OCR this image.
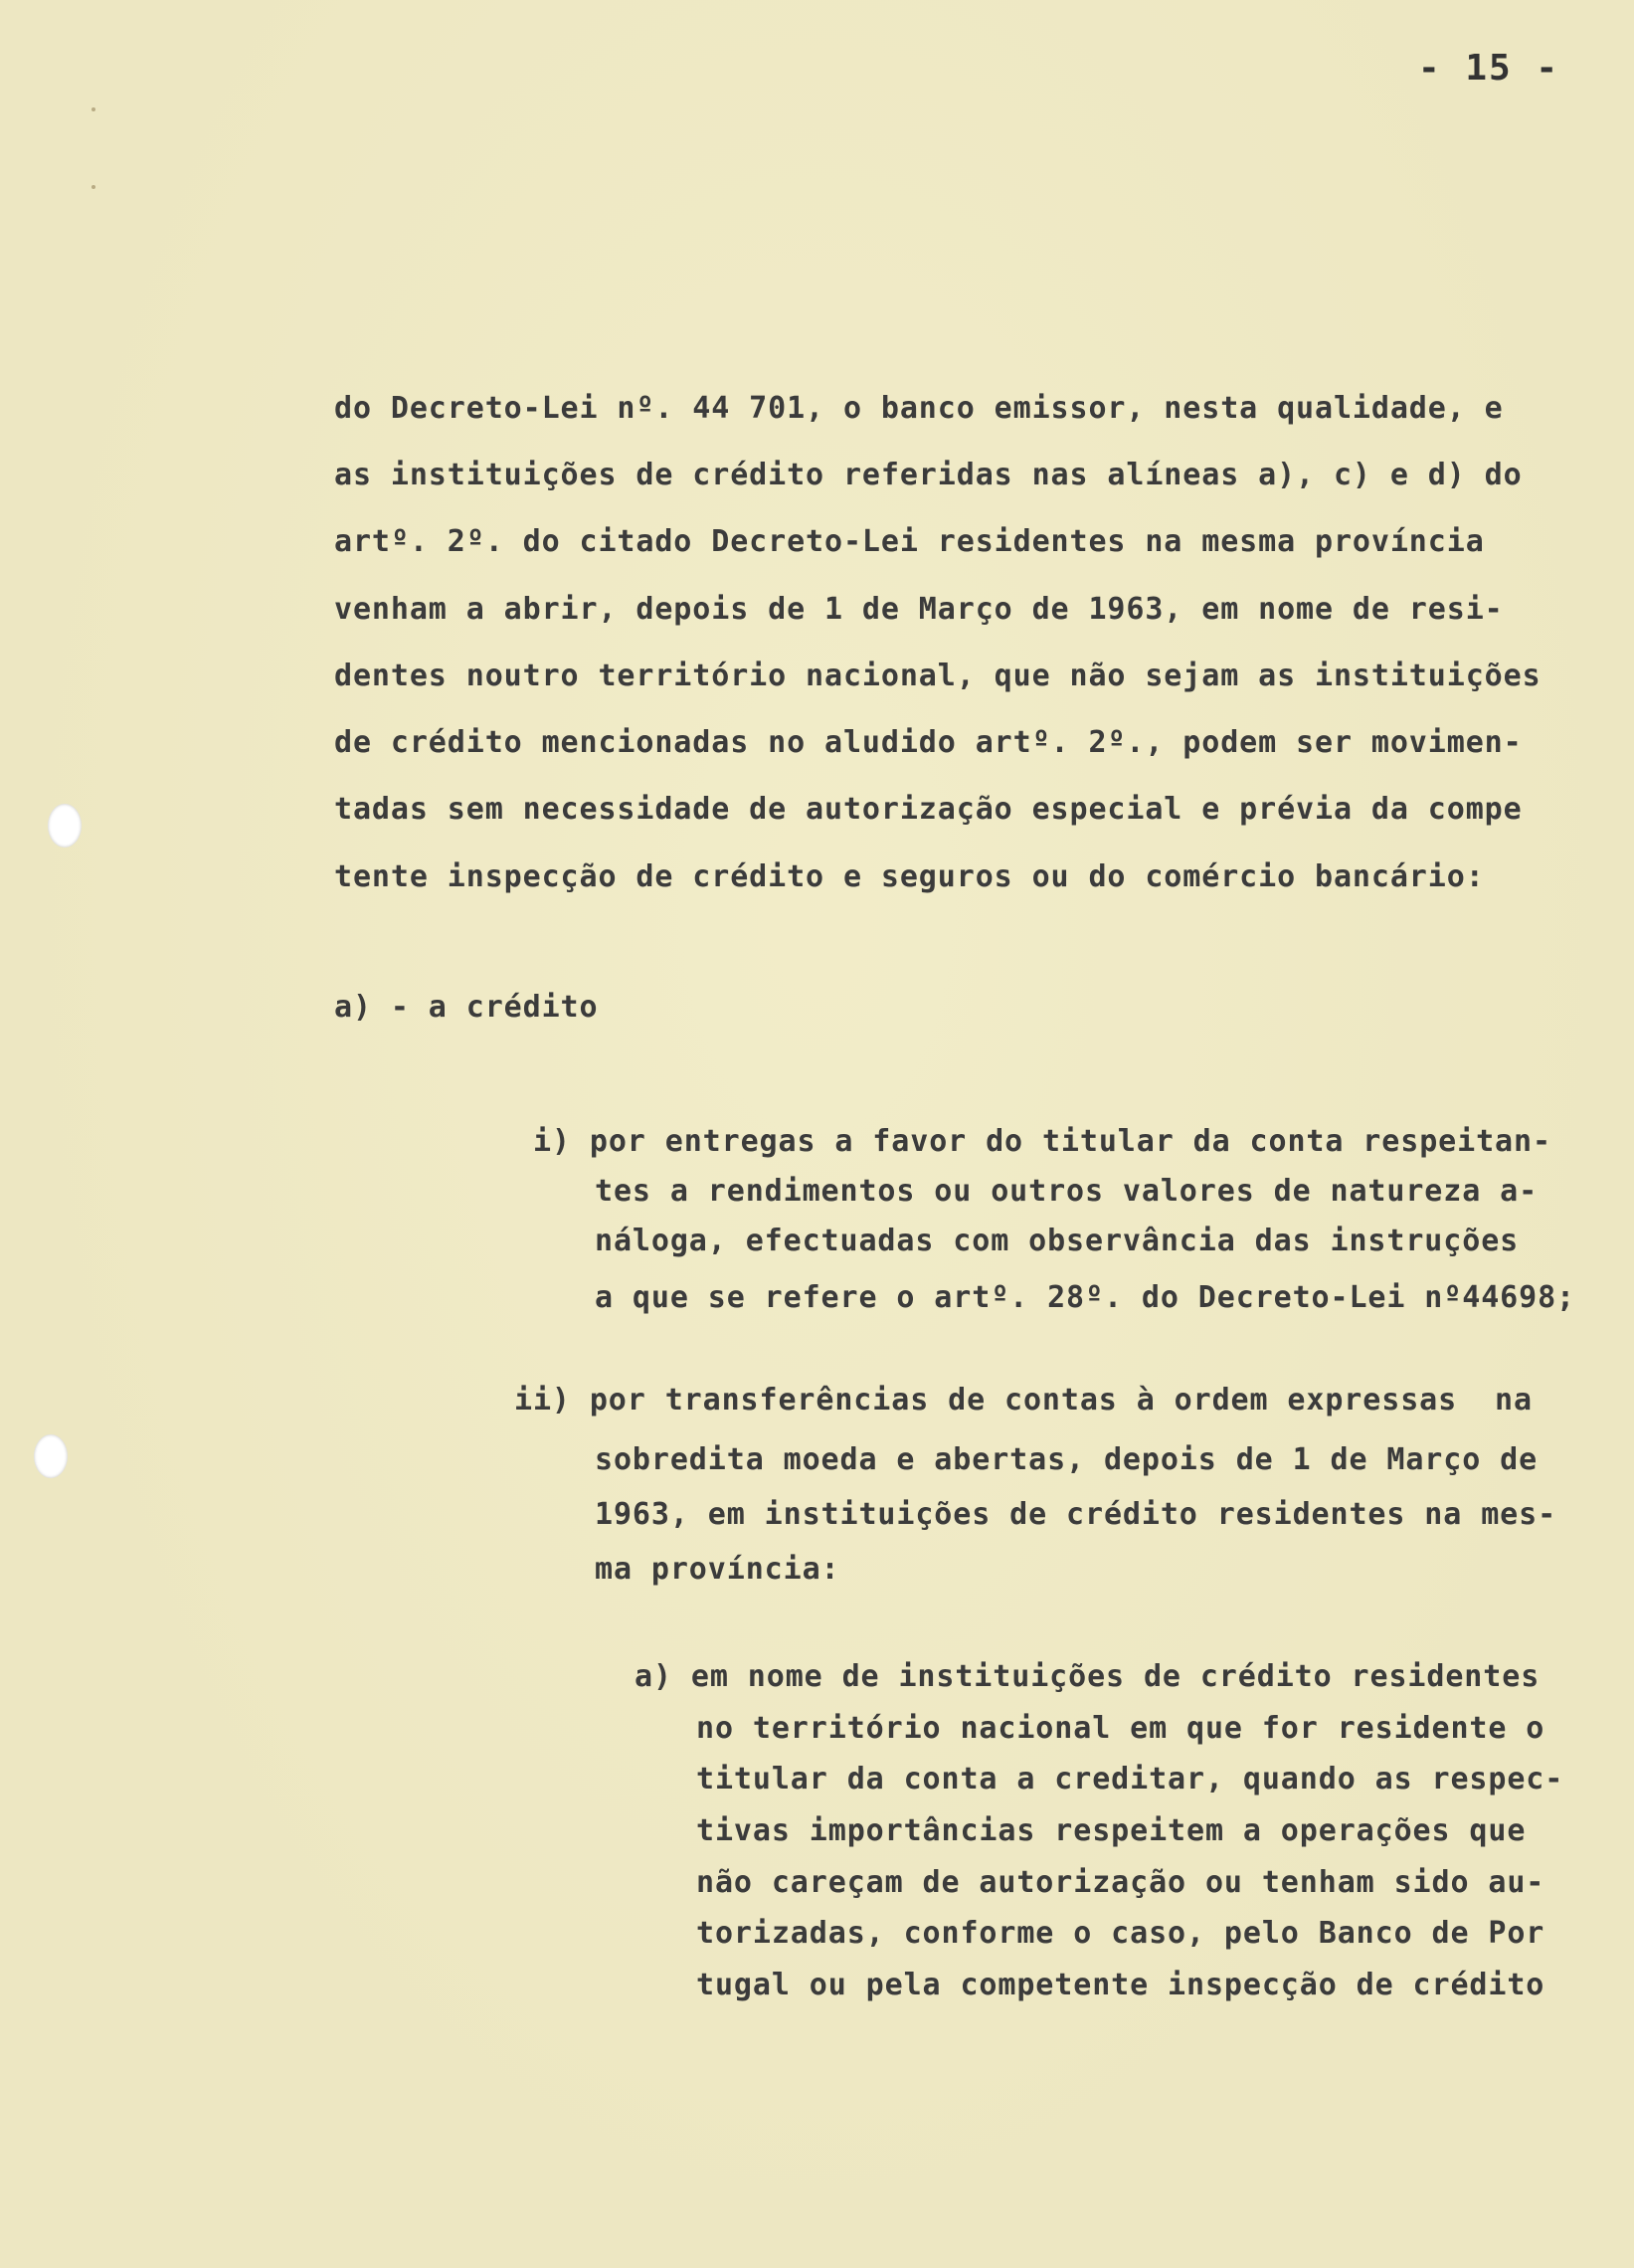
- 15 -
do Decreto-Lei nº. 44 701, o banco emissor, nesta qualidade, e
as instituições de crédito referidas nas alíneas a), c) e d) do
artº. 2º. do citado Decreto-Lei residentes na mesma província
venham a abrir, depois de 1 de Março de 1963, em nome de resi-
dentes noutro território nacional, que não sejam as instituições
de crédito mencionadas no aludido artº. 2º., podem ser movimen-
tadas sem necessidade de autorização especial e prévia da compe
tente inspecção de crédito e seguros ou do comércio bancário:
a) - a crédito
i) por entregas a favor do titular da conta respeitan-
tes a rendimentos ou outros valores de natureza a-
náloga, efectuadas com observância das instruções
a que se refere o artº. 28º. do Decreto-Lei nº44698;
ii) por transferências de contas à ordem expressas  na
sobredita moeda e abertas, depois de 1 de Março de
1963, em instituições de crédito residentes na mes-
ma província:
a) em nome de instituições de crédito residentes
no território nacional em que for residente o
titular da conta a creditar, quando as respec-
tivas importâncias respeitem a operações que
não careçam de autorização ou tenham sido au-
torizadas, conforme o caso, pelo Banco de Por
tugal ou pela competente inspecção de crédito
